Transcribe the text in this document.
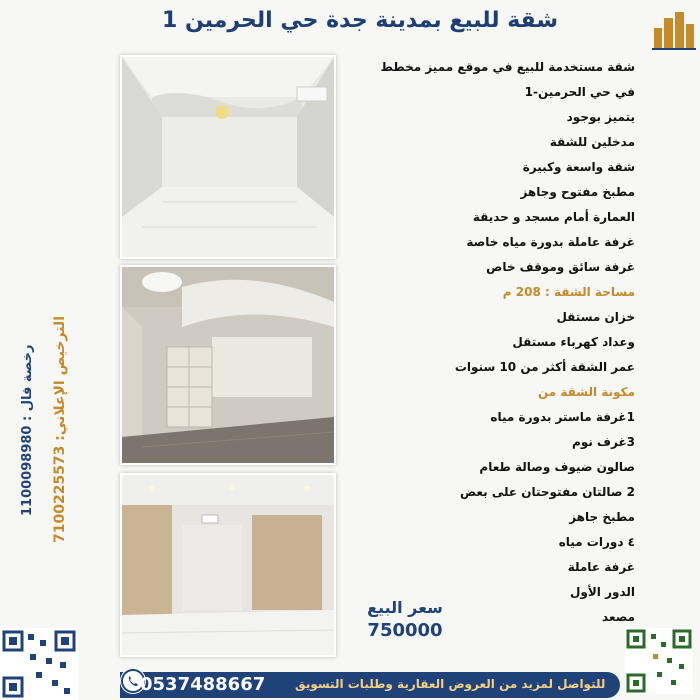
شقة للبيع بمدينة جدة حي الحرمين 1
الترخيص الإعلاني: 7100225573
رخصة فال : 1100098980
شقة مستخدمة للبيع في موقع مميز مخطط
في حي الحرمين-1
يتميز بوجود
مدخلين للشقة
شقة واسعة وكبيرة
مطبخ مفتوح وجاهز
العمارة أمام مسجد و حديقة
غرفة عاملة بدورة مياه خاصة
غرفة سائق وموقف خاص
مساحة الشقة : 208 م
خزان مستقل
وعداد كهرباء مستقل
عمر الشقة أكثر من 10 سنوات
مكونة الشقة من
1غرفة ماستر بدورة مياه
3غرف نوم
صالون ضيوف وصالة طعام
2 صالتان مفتوحتان على بعض
مطبخ جاهز
٤ دورات مياه
غرفة عاملة
الدور الأول
مصعد
سعر البيع
750000
0537488667 للتواصل لمزيد من العروض العقارية وطلبات التسويق
